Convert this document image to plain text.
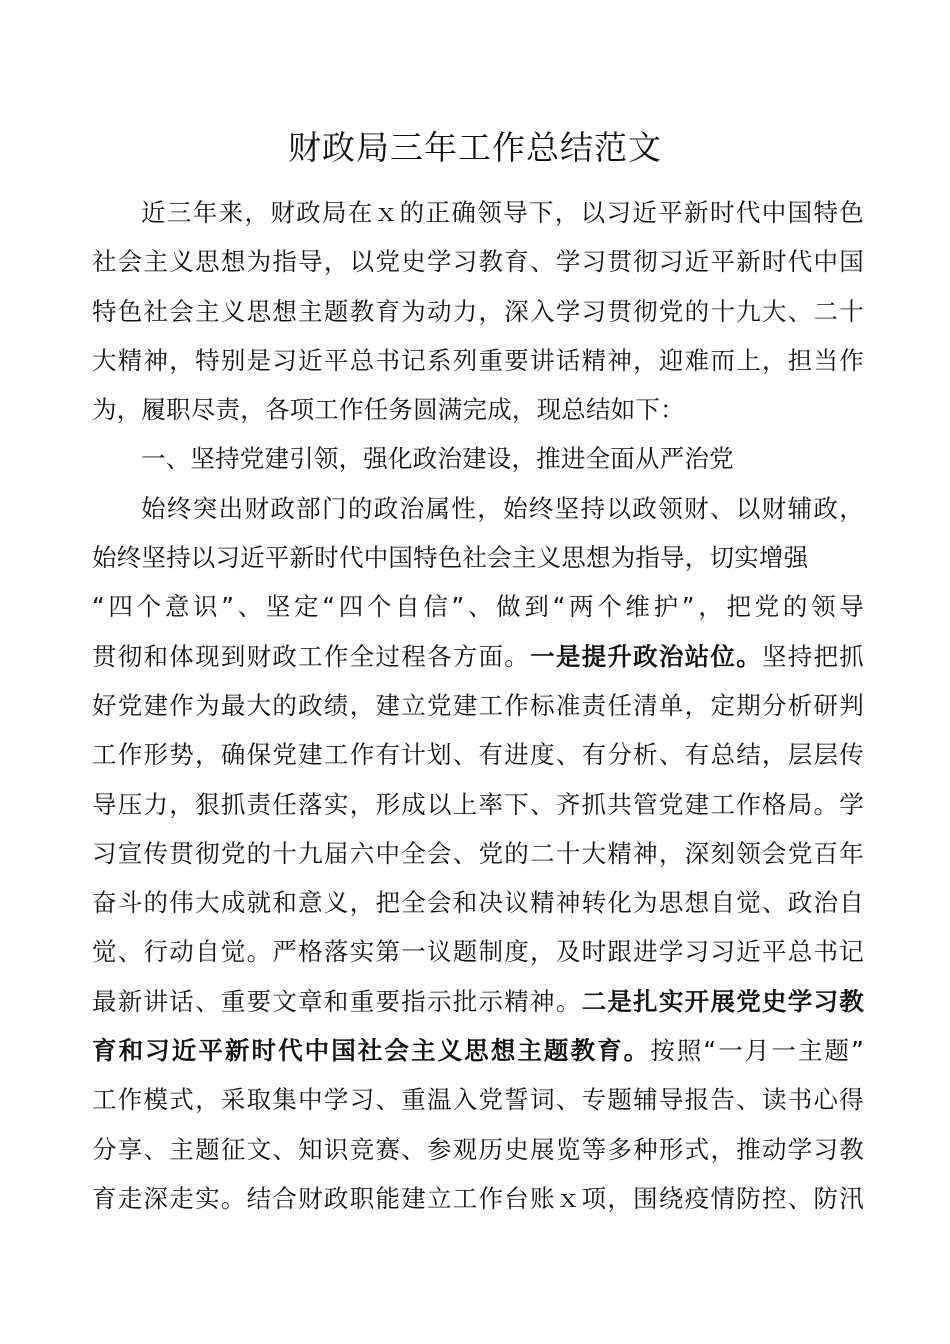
财政局三年工作总结范文
近三年来，财政局在ｘ的正确领导下，以习近平新时代中国特色
社会主义思想为指导，以党史学习教育、学习贯彻习近平新时代中国
特色社会主义思想主题教育为动力，深入学习贯彻党的十九大、二十
大精神，特别是习近平总书记系列重要讲话精神，迎难而上，担当作
为，履职尽责，各项工作任务圆满完成，现总结如下：
一、坚持党建引领，强化政治建设，推进全面从严治党
始终突出财政部门的政治属性，始终坚持以政领财、以财辅政，
始终坚持以习近平新时代中国特色社会主义思想为指导，切实增强
“四个意识”、坚定“四个自信”、做到“两个维护”，把党的领导
贯彻和体现到财政工作全过程各方面。一是提升政治站位。坚持把抓
好党建作为最大的政绩，建立党建工作标准责任清单，定期分析研判
工作形势，确保党建工作有计划、有进度、有分析、有总结，层层传
导压力，狠抓责任落实，形成以上率下、齐抓共管党建工作格局。学
习宣传贯彻党的十九届六中全会、党的二十大精神，深刻领会党百年
奋斗的伟大成就和意义，把全会和决议精神转化为思想自觉、政治自
觉、行动自觉。严格落实第一议题制度，及时跟进学习习近平总书记
最新讲话、重要文章和重要指示批示精神。二是扎实开展党史学习教
育和习近平新时代中国社会主义思想主题教育。按照“一月一主题”
工作模式，采取集中学习、重温入党誓词、专题辅导报告、读书心得
分享、主题征文、知识竞赛、参观历史展览等多种形式，推动学习教
育走深走实。结合财政职能建立工作台账ｘ项，围绕疫情防控、防汛
